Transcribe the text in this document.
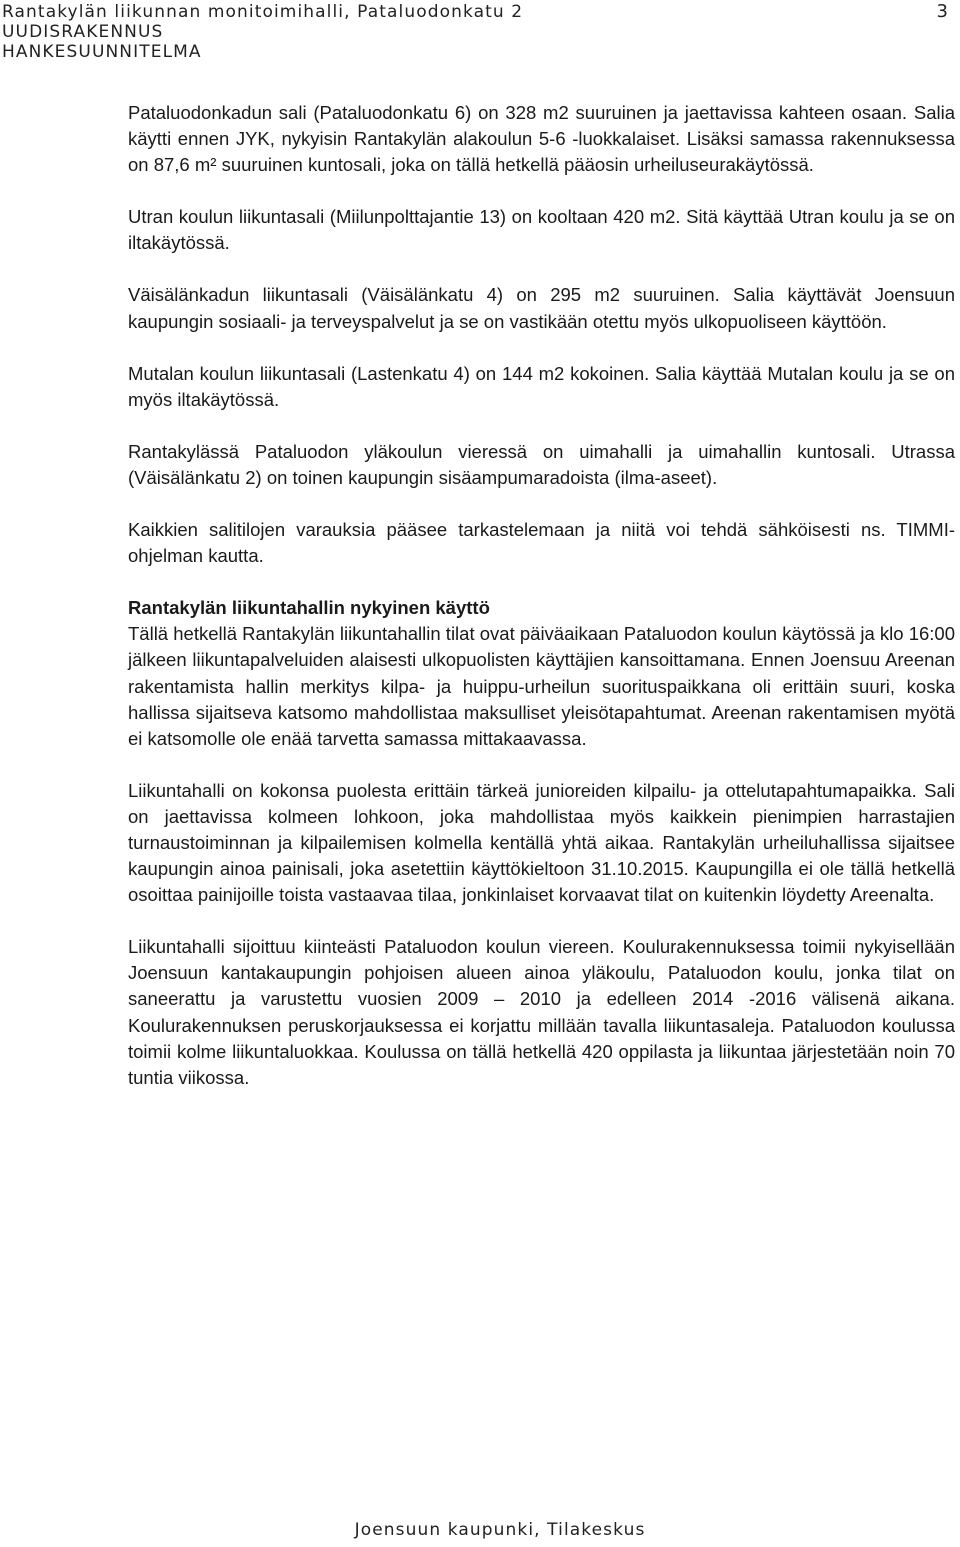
Rantakylän liikunnan monitoimihalli, Pataluodonkatu 2
UUDISRAKENNUS
HANKESUUNNITELMA
3

Pataluodonkadun sali (Pataluodonkatu 6) on 328 m2 suuruinen ja jaettavissa kahteen osaan. Salia käytti ennen JYK, nykyisin Rantakylän alakoulun 5-6 -luokkalaiset. Lisäksi samassa rakennuksessa on 87,6 m² suuruinen kuntosali, joka on tällä hetkellä pääosin urheiluseurakäytössä.

Utran koulun liikuntasali (Miilunpolttajantie 13) on kooltaan 420 m2. Sitä käyttää Utran koulu ja se on iltakäytössä.

Väisälänkadun liikuntasali (Väisälänkatu 4) on 295 m2 suuruinen. Salia käyttävät Joensuun kaupungin sosiaali- ja terveyspalvelut ja se on vastikään otettu myös ulkopuoliseen käyttöön.

Mutalan koulun liikuntasali (Lastenkatu 4) on 144 m2 kokoinen. Salia käyttää Mutalan koulu ja se on myös iltakäytössä.

Rantakylässä Pataluodon yläkoulun vieressä on uimahalli ja uimahallin kuntosali. Utrassa (Väisälänkatu 2) on toinen kaupungin sisäampumaradoista (ilma-aseet).

Kaikkien salitilojen varauksia pääsee tarkastelemaan ja niitä voi tehdä sähköisesti ns. TIMMI-ohjelman kautta.

Rantakylän liikuntahallin nykyinen käyttö

Tällä hetkellä Rantakylän liikuntahallin tilat ovat päiväaikaan Pataluodon koulun käytössä ja klo 16:00 jälkeen liikuntapalveluiden alaisesti ulkopuolisten käyttäjien kansoittamana. Ennen Joensuu Areenan rakentamista hallin merkitys kilpa- ja huippu-urheilun suorituspaikkana oli erittäin suuri, koska hallissa sijaitseva katsomo mahdollistaa maksulliset yleisötapahtumat. Areenan rakentamisen myötä ei katsomolle ole enää tarvetta samassa mittakaavassa.

Liikuntahalli on kokonsa puolesta erittäin tärkeä junioreiden kilpailu- ja ottelutapahtumapaikka. Sali on jaettavissa kolmeen lohkoon, joka mahdollistaa myös kaikkein pienimpien harrastajien turnaustoiminnan ja kilpailemisen kolmella kentällä yhtä aikaa. Rantakylän urheiluhallissa sijaitsee kaupungin ainoa painisali, joka asetettiin käyttökieltoon 31.10.2015. Kaupungilla ei ole tällä hetkellä osoittaa painijoille toista vastaavaa tilaa, jonkinlaiset korvaavat tilat on kuitenkin löydetty Areenalta.

Liikuntahalli sijoittuu kiinteästi Pataluodon koulun viereen. Koulurakennuksessa toimii nykyisellään Joensuun kantakaupungin pohjoisen alueen ainoa yläkoulu, Pataluodon koulu, jonka tilat on saneerattu ja varustettu vuosien 2009 – 2010 ja edelleen 2014 -2016 välisenä aikana. Koulurakennuksen peruskorjauksessa ei korjattu millään tavalla liikuntasaleja. Pataluodon koulussa toimii kolme liikuntaluokkaa. Koulussa on tällä hetkellä 420 oppilasta ja liikuntaa järjestetään noin 70 tuntia viikossa.

Joensuun kaupunki, Tilakeskus
